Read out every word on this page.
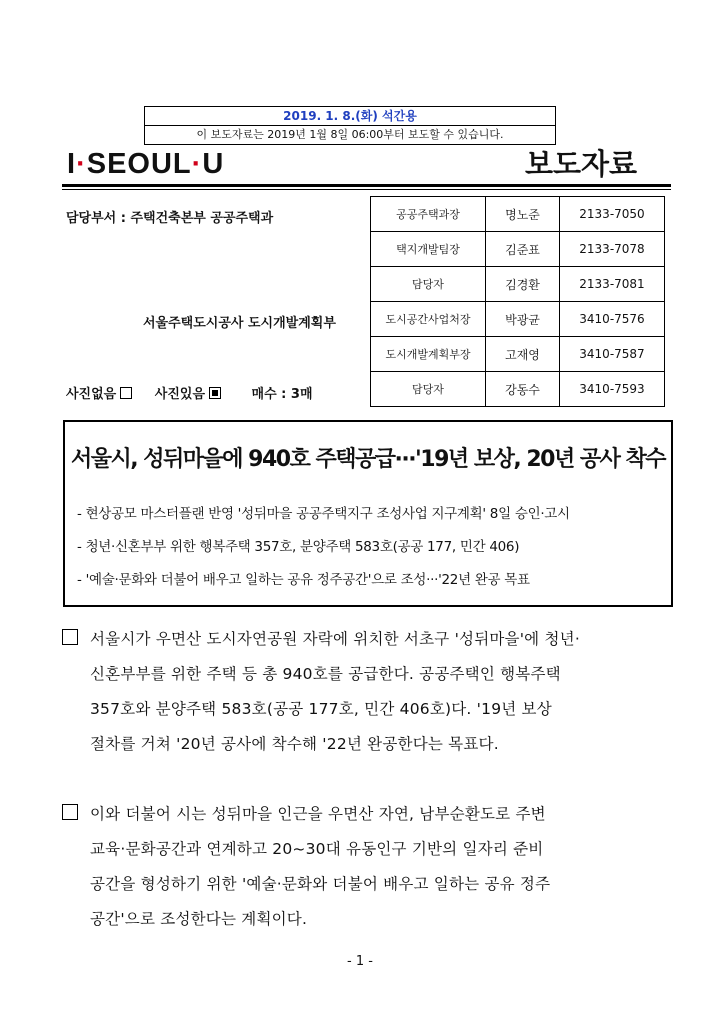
2019. 1. 8.(화) 석간용
이 보도자료는 2019년 1월 8일 06:00부터 보도할 수 있습니다.
I·SEOUL·U	보도자료
담당부서 : 주택건축본부 공공주택과
서울주택도시공사 도시개발계획부
사진없음	사진있음	매수 : 3매
공공주택과장	명노준	2133-7050
택지개발팀장	김준표	2133-7078
담당자	김경환	2133-7081
도시공간사업처장	박광균	3410-7576
도시개발계획부장	고재영	3410-7587
담당자	강동수	3410-7593
서울시, 성뒤마을에 940호 주택공급···'19년 보상, 20년 공사 착수
- 현상공모 마스터플랜 반영 '성뒤마을 공공주택지구 조성사업 지구계획' 8일 승인·고시
- 청년·신혼부부 위한 행복주택 357호, 분양주택 583호(공공 177, 민간 406)
- '예술·문화와 더불어 배우고 일하는 공유 정주공간'으로 조성···'22년 완공 목표
서울시가 우면산 도시자연공원 자락에 위치한 서초구 '성뒤마을'에 청년·
신혼부부를 위한 주택 등 총 940호를 공급한다. 공공주택인 행복주택
357호와 분양주택 583호(공공 177호, 민간 406호)다. '19년 보상
절차를 거쳐 '20년 공사에 착수해 '22년 완공한다는 목표다.
이와 더불어 시는 성뒤마을 인근을 우면산 자연, 남부순환도로 주변
교육·문화공간과 연계하고 20~30대 유동인구 기반의 일자리 준비
공간을 형성하기 위한 '예술·문화와 더불어 배우고 일하는 공유 정주
공간'으로 조성한다는 계획이다.
- 1 -
